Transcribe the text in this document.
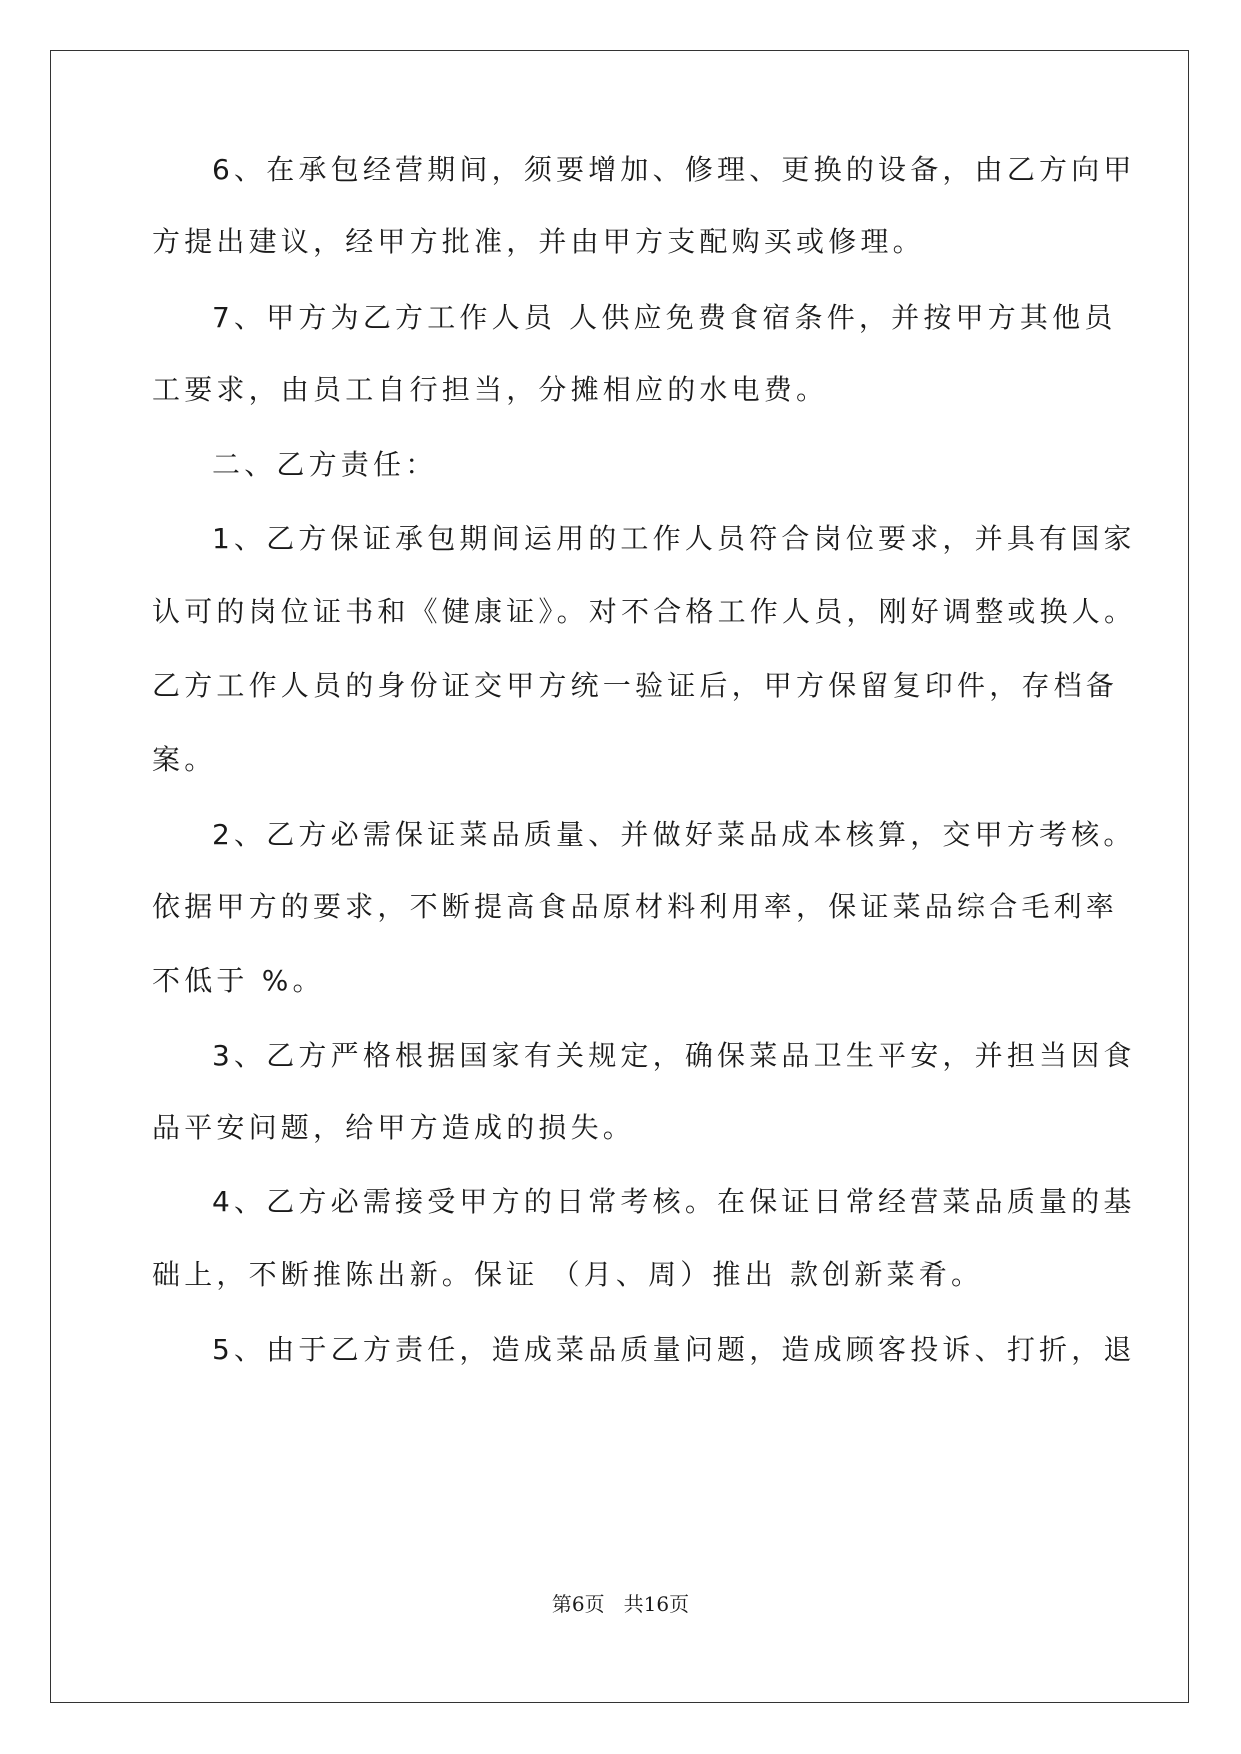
6、在承包经营期间，须要增加、修理、更换的设备，由乙方向甲
方提出建议，经甲方批准，并由甲方支配购买或修理。
7、甲方为乙方工作人员 人供应免费食宿条件，并按甲方其他员
工要求，由员工自行担当，分摊相应的水电费。
二、乙方责任：
1、乙方保证承包期间运用的工作人员符合岗位要求，并具有国家
认可的岗位证书和《健康证》。对不合格工作人员，刚好调整或换人。
乙方工作人员的身份证交甲方统一验证后，甲方保留复印件，存档备
案。
2、乙方必需保证菜品质量、并做好菜品成本核算，交甲方考核。
依据甲方的要求，不断提高食品原材料利用率，保证菜品综合毛利率
不低于 %。
3、乙方严格根据国家有关规定，确保菜品卫生平安，并担当因食
品平安问题，给甲方造成的损失。
4、乙方必需接受甲方的日常考核。在保证日常经营菜品质量的基
础上，不断推陈出新。保证 （月、周）推出 款创新菜肴。
5、由于乙方责任，造成菜品质量问题，造成顾客投诉、打折，退
第6页   共16页
